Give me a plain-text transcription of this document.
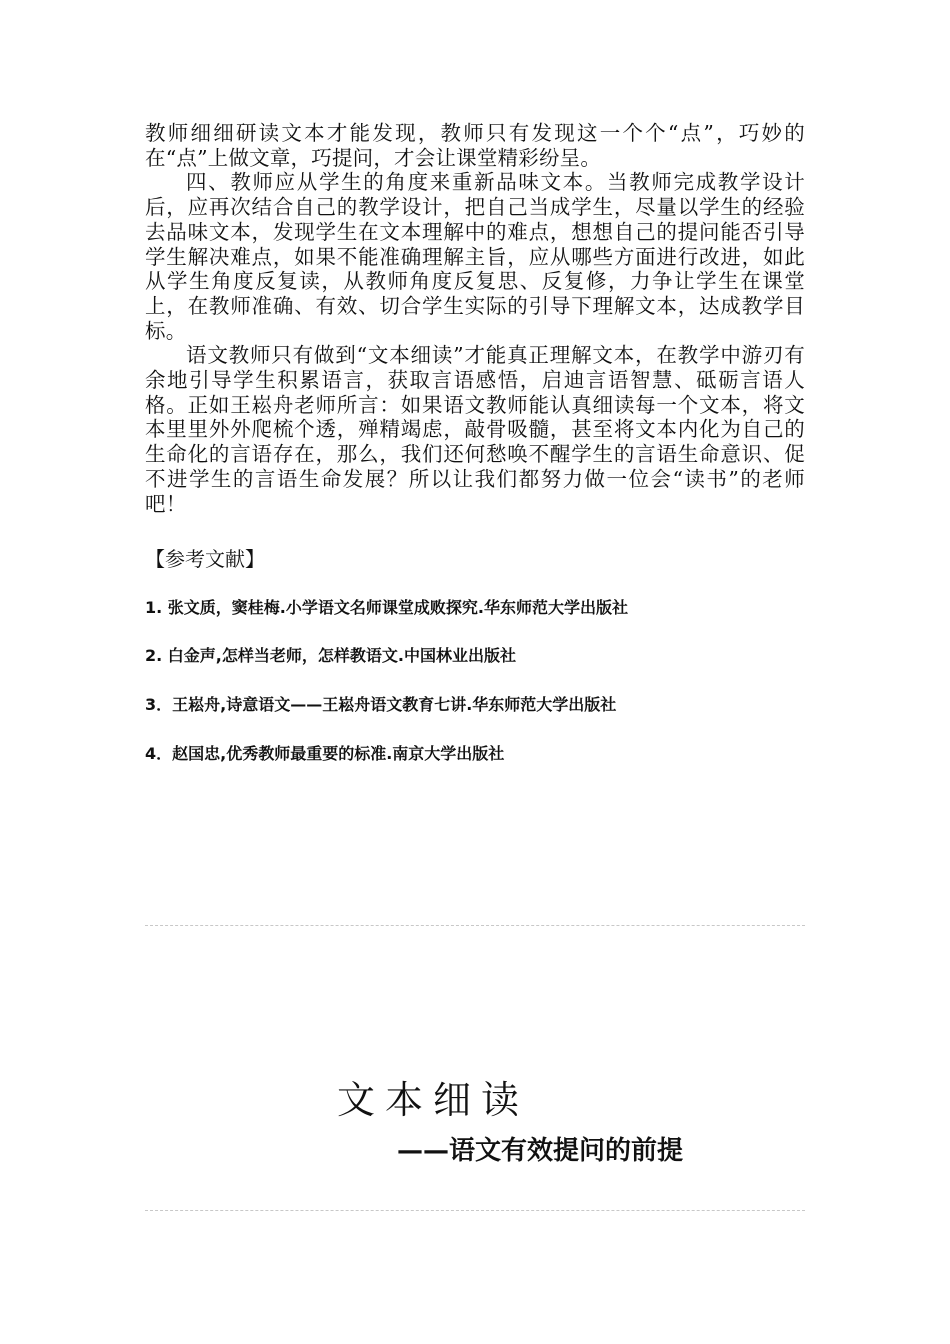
教师细细研读文本才能发现，教师只有发现这一个个“点”，巧妙的在“点”上做文章，巧提问，才会让课堂精彩纷呈。

四、教师应从学生的角度来重新品味文本。当教师完成教学设计后，应再次结合自己的教学设计，把自己当成学生，尽量以学生的经验去品味文本，发现学生在文本理解中的难点，想想自己的提问能否引导学生解决难点，如果不能准确理解主旨，应从哪些方面进行改进，如此从学生角度反复读，从教师角度反复思、反复修，力争让学生在课堂上，在教师准确、有效、切合学生实际的引导下理解文本，达成教学目标。

语文教师只有做到“文本细读”才能真正理解文本，在教学中游刃有余地引导学生积累语言，获取言语感悟，启迪言语智慧、砥砺言语人格。正如王崧舟老师所言：如果语文教师能认真细读每一个文本，将文本里里外外爬梳个透，殚精竭虑，敲骨吸髓，甚至将文本内化为自己的生命化的言语存在，那么，我们还何愁唤不醒学生的言语生命意识、促不进学生的言语生命发展？所以让我们都努力做一位会“读书”的老师吧！

【参考文献】
1. 张文质，窦桂梅.小学语文名师课堂成败探究.华东师范大学出版社
2. 白金声,怎样当老师，怎样教语文.中国林业出版社
3．王崧舟,诗意语文——王崧舟语文教育七讲.华东师范大学出版社
4．赵国忠,优秀教师最重要的标准.南京大学出版社
文本细读
——语文有效提问的前提
